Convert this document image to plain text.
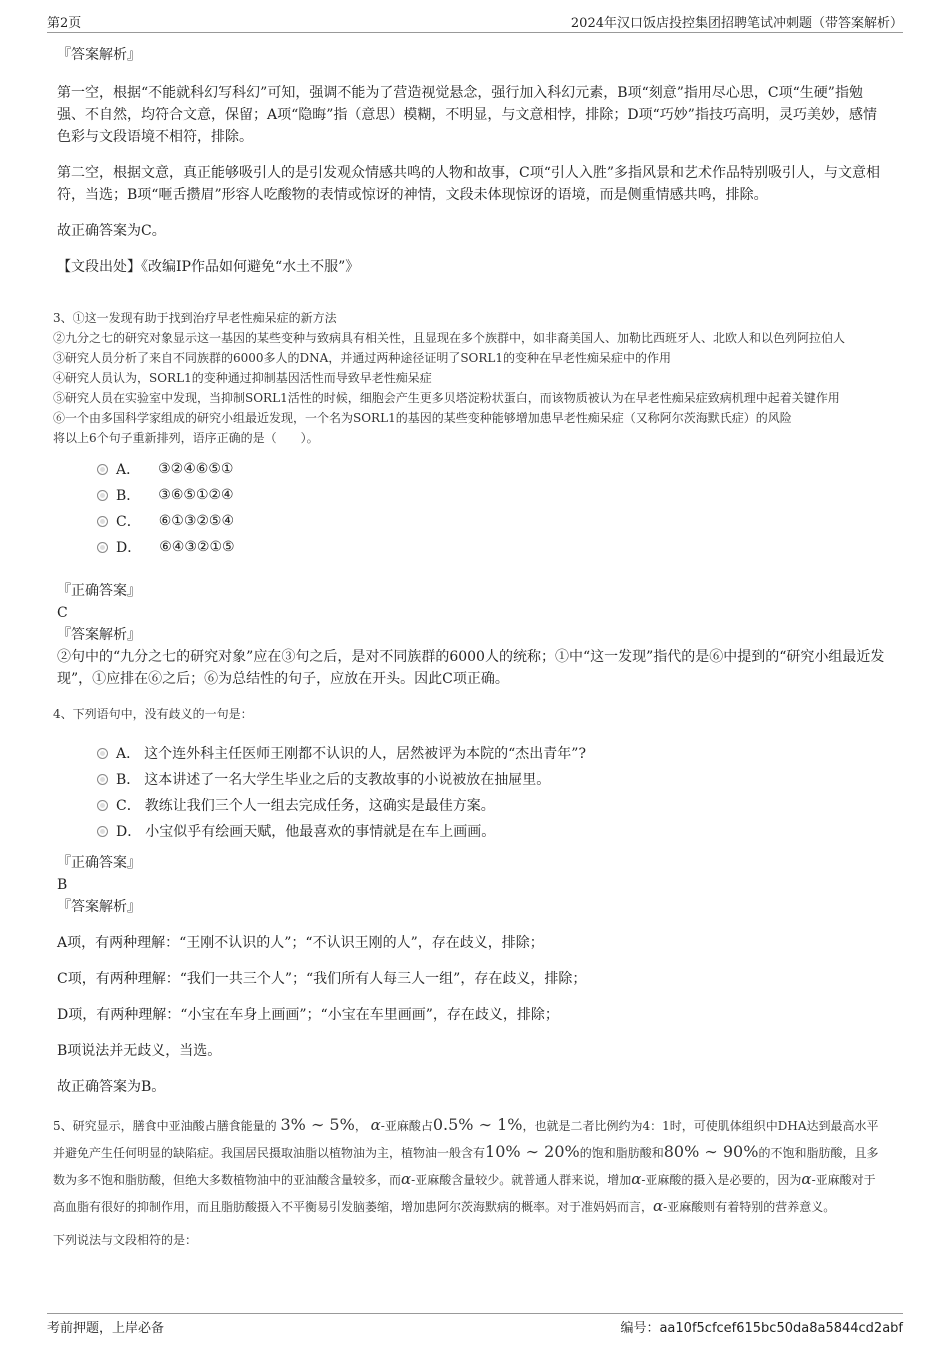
第2页	2024年汉口饭店投控集团招聘笔试冲刺题（带答案解析）

『答案解析』

第一空，根据“不能就科幻写科幻”可知，强调不能为了营造视觉悬念，强行加入科幻元素，B项“刻意”指用尽心思，C项“生硬”指勉强、不自然，均符合文意，保留；A项“隐晦”指（意思）模糊，不明显，与文意相悖，排除；D项“巧妙”指技巧高明，灵巧美妙，感情色彩与文段语境不相符，排除。

第二空，根据文意，真正能够吸引人的是引发观众情感共鸣的人物和故事，C项“引人入胜”多指风景和艺术作品特别吸引人，与文意相符，当选；B项“咂舌攒眉”形容人吃酸物的表情或惊讶的神情，文段未体现惊讶的语境，而是侧重情感共鸣，排除。

故正确答案为C。

【文段出处】《改编IP作品如何避免“水土不服”》

3、①这一发现有助于找到治疗早老性痴呆症的新方法

②九分之七的研究对象显示这一基因的某些变种与致病具有相关性，且显现在多个族群中，如非裔美国人、加勒比西班牙人、北欧人和以色列阿拉伯人

③研究人员分析了来自不同族群的6000多人的DNA，并通过两种途径证明了SORL1的变种在早老性痴呆症中的作用

④研究人员认为，SORL1的变种通过抑制基因活性而导致早老性痴呆症

⑤研究人员在实验室中发现，当抑制SORL1活性的时候，细胞会产生更多贝塔淀粉状蛋白，而该物质被认为在早老性痴呆症致病机理中起着关键作用

⑥一个由多国科学家组成的研究小组最近发现，一个名为SORL1的基因的某些变种能够增加患早老性痴呆症（又称阿尔茨海默氏症）的风险

将以上6个句子重新排列，语序正确的是（　　）。

A． ③②④⑥⑤①
B． ③⑥⑤①②④
C． ⑥①③②⑤④
D． ⑥④③②①⑤

『正确答案』

C

『答案解析』

②句中的“九分之七的研究对象”应在③句之后，是对不同族群的6000人的统称；①中“这一发现”指代的是⑥中提到的“研究小组最近发现”，①应排在⑥之后；⑥为总结性的句子，应放在开头。因此C项正确。

4、下列语句中，没有歧义的一句是：

A． 这个连外科主任医师王刚都不认识的人，居然被评为本院的“杰出青年”?
B． 这本讲述了一名大学生毕业之后的支教故事的小说被放在抽屉里。
C． 教练让我们三个人一组去完成任务，这确实是最佳方案。
D． 小宝似乎有绘画天赋，他最喜欢的事情就是在车上画画。

『正确答案』

B

『答案解析』

A项，有两种理解：“王刚不认识的人”；“不认识王刚的人”，存在歧义，排除；

C项，有两种理解：“我们一共三个人”；“我们所有人每三人一组”，存在歧义，排除；

D项，有两种理解：“小宝在车身上画画”；“小宝在车里画画”，存在歧义，排除；

B项说法并无歧义，当选。

故正确答案为B。

5、研究显示，膳食中亚油酸占膳食能量的 3% ∼ 5%， α-亚麻酸占0.5% ∼ 1%，也就是二者比例约为4：1时，可使肌体组织中DHA达到最高水平并避免产生任何明显的缺陷症。我国居民摄取油脂以植物油为主，植物油一般含有10% ∼ 20%的饱和脂肪酸和80% ∼ 90%的不饱和脂肪酸，且多数为多不饱和脂肪酸，但绝大多数植物油中的亚油酸含量较多，而α-亚麻酸含量较少。就普通人群来说，增加α-亚麻酸的摄入是必要的，因为α-亚麻酸对于高血脂有很好的抑制作用，而且脂肪酸摄入不平衡易引发脑萎缩，增加患阿尔茨海默病的概率。对于准妈妈而言，α-亚麻酸则有着特别的营养意义。

下列说法与文段相符的是：

考前押题，上岸必备	编号：aa10f5cfcef615bc50da8a5844cd2abf
